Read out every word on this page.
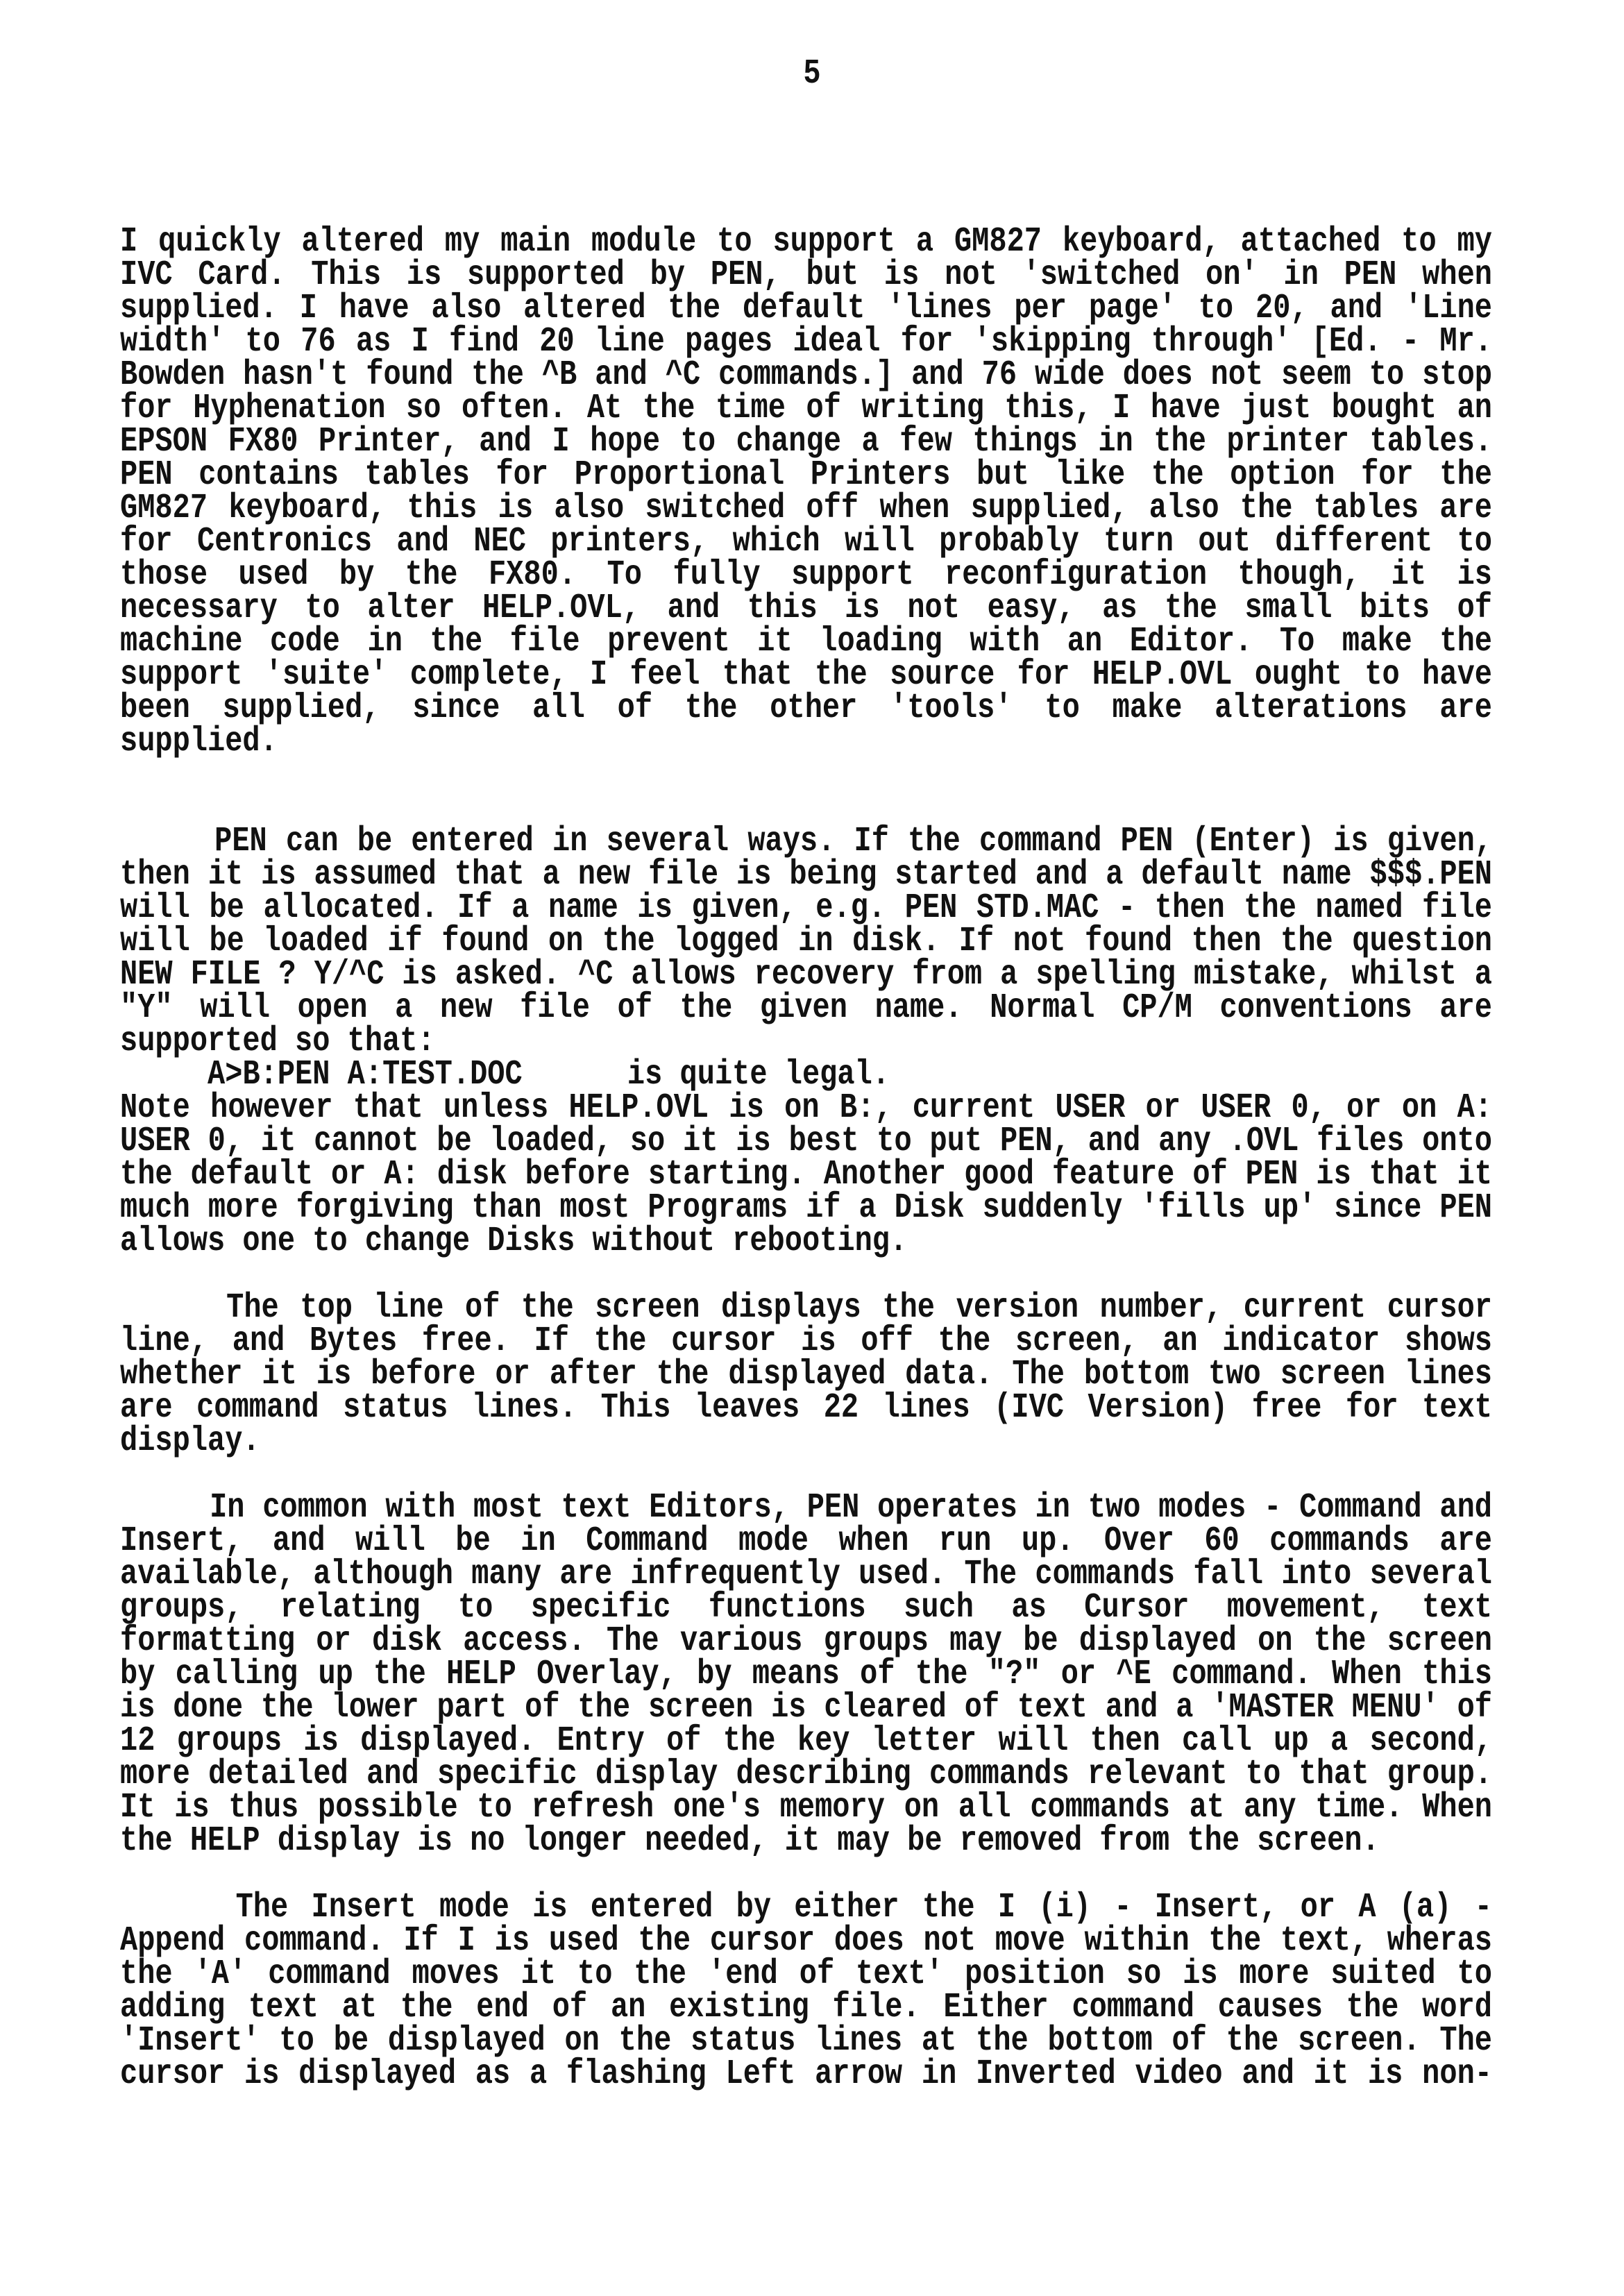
5
I quickly altered my main module to support a GM827 keyboard, attached to my
IVC Card. This is supported by PEN, but is not 'switched on' in PEN when
supplied. I have also altered the default 'lines per page' to 20, and 'Line
width' to 76 as I find 20 line pages ideal for 'skipping through' [Ed. - Mr.
Bowden hasn't found the ^B and ^C commands.] and 76 wide does not seem to stop
for Hyphenation so often. At the time of writing this, I have just bought an
EPSON FX80 Printer, and I hope to change a few things in the printer tables.
PEN contains tables for Proportional Printers but like the option for the
GM827 keyboard, this is also switched off when supplied, also the tables are
for Centronics and NEC printers, which will probably turn out different to
those used by the FX80. To fully support reconfiguration though, it is
necessary to alter HELP.OVL, and this is not easy, as the small bits of
machine code in the file prevent it loading with an Editor. To make the
support 'suite' complete, I feel that the source for HELP.OVL ought to have
been supplied, since all of the other 'tools' to make alterations are
supplied.
PEN can be entered in several ways. If the command PEN (Enter) is given,
then it is assumed that a new file is being started and a default name $$$.PEN
will be allocated. If a name is given, e.g. PEN STD.MAC - then the named file
will be loaded if found on the logged in disk. If not found then the question
NEW FILE ? Y/^C is asked. ^C allows recovery from a spelling mistake, whilst a
"Y" will open a new file of the given name. Normal CP/M conventions are
supported so that:
A>B:PEN A:TEST.DOC      is quite legal.
Note however that unless HELP.OVL is on B:, current USER or USER 0, or on A:
USER 0, it cannot be loaded, so it is best to put PEN, and any .OVL files onto
the default or A: disk before starting. Another good feature of PEN is that it
much more forgiving than most Programs if a Disk suddenly 'fills up' since PEN
allows one to change Disks without rebooting.
The top line of the screen displays the version number, current cursor
line, and Bytes free. If the cursor is off the screen, an indicator shows
whether it is before or after the displayed data. The bottom two screen lines
are command status lines. This leaves 22 lines (IVC Version) free for text
display.
In common with most text Editors, PEN operates in two modes - Command and
Insert, and will be in Command mode when run up. Over 60 commands are
available, although many are infrequently used. The commands fall into several
groups, relating to specific functions such as Cursor movement, text
formatting or disk access. The various groups may be displayed on the screen
by calling up the HELP Overlay, by means of the "?" or ^E command. When this
is done the lower part of the screen is cleared of text and a 'MASTER MENU' of
12 groups is displayed. Entry of the key letter will then call up a second,
more detailed and specific display describing commands relevant to that group.
It is thus possible to refresh one's memory on all commands at any time. When
the HELP display is no longer needed, it may be removed from the screen.
The Insert mode is entered by either the I (i) - Insert, or A (a) -
Append command. If I is used the cursor does not move within the text, wheras
the 'A' command moves it to the 'end of text' position so is more suited to
adding text at the end of an existing file. Either command causes the word
'Insert' to be displayed on the status lines at the bottom of the screen. The
cursor is displayed as a flashing Left arrow in Inverted video and it is non-
